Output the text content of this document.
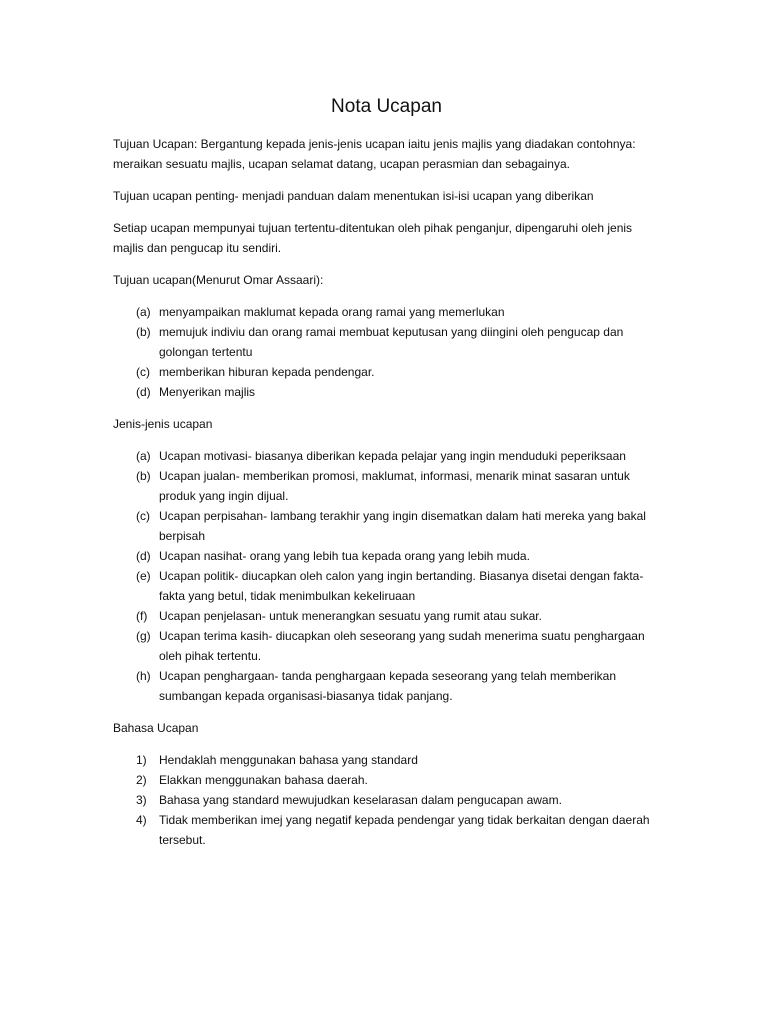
Nota Ucapan

Tujuan Ucapan: Bergantung kepada jenis-jenis ucapan iaitu jenis majlis yang diadakan contohnya: meraikan sesuatu majlis, ucapan selamat datang, ucapan perasmian dan sebagainya.

Tujuan ucapan penting- menjadi panduan dalam menentukan isi-isi ucapan yang diberikan

Setiap ucapan mempunyai tujuan tertentu-ditentukan oleh pihak penganjur, dipengaruhi oleh jenis majlis dan pengucap itu sendiri.

Tujuan ucapan(Menurut Omar Assaari):
(a) menyampaikan maklumat kepada orang ramai yang memerlukan
(b) memujuk indiviu dan orang ramai membuat keputusan yang diingini oleh pengucap dan golongan tertentu
(c) memberikan hiburan kepada pendengar.
(d) Menyerikan majlis
Jenis-jenis ucapan
(a) Ucapan motivasi- biasanya diberikan kepada pelajar yang ingin menduduki peperiksaan
(b) Ucapan jualan- memberikan promosi, maklumat, informasi, menarik minat sasaran untuk produk yang ingin dijual.
(c) Ucapan perpisahan- lambang terakhir yang ingin disematkan dalam hati mereka yang bakal berpisah
(d) Ucapan nasihat- orang yang lebih tua kepada orang yang lebih muda.
(e) Ucapan politik- diucapkan oleh calon yang ingin bertanding. Biasanya disetai dengan fakta-fakta yang betul, tidak menimbulkan kekeliruaan
(f) Ucapan penjelasan- untuk menerangkan sesuatu yang rumit atau sukar.
(g) Ucapan terima kasih- diucapkan oleh seseorang yang sudah menerima suatu penghargaan oleh pihak tertentu.
(h) Ucapan penghargaan- tanda penghargaan kepada seseorang yang telah memberikan sumbangan kepada organisasi-biasanya tidak panjang.
Bahasa Ucapan
1)	Hendaklah menggunakan bahasa yang standard
2)	Elakkan menggunakan bahasa daerah.
3)	Bahasa yang standard mewujudkan keselarasan dalam pengucapan awam.
4)	Tidak memberikan imej yang negatif kepada pendengar yang tidak berkaitan dengan daerah tersebut.
